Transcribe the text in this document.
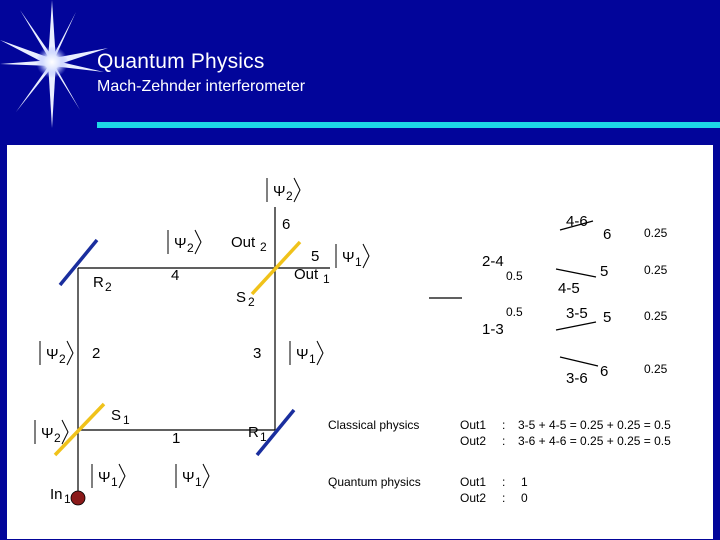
Quantum Physics
Mach-Zehnder interferometer
Ψ 2
Ψ 2
Ψ 1
Ψ 2	Ψ 1
Ψ 2
Ψ 1	Ψ 1
Out 2
Out 1
R 2
S 2
S 1
R 1
In 1
6
5
4
2	3
1
2-4
0.5
0.5
1-3
4-6
6	0.25
5
4-5
0.25
3-5 5	0.25
3-6 6	0.25
Classical physics	Out1 : 3-5 + 4-5 = 0.25 + 0.25 = 0.5
Out2 : 3-6 + 4-6 = 0.25 + 0.25 = 0.5
Quantum physics	Out1 : 1
Out2 : 0
